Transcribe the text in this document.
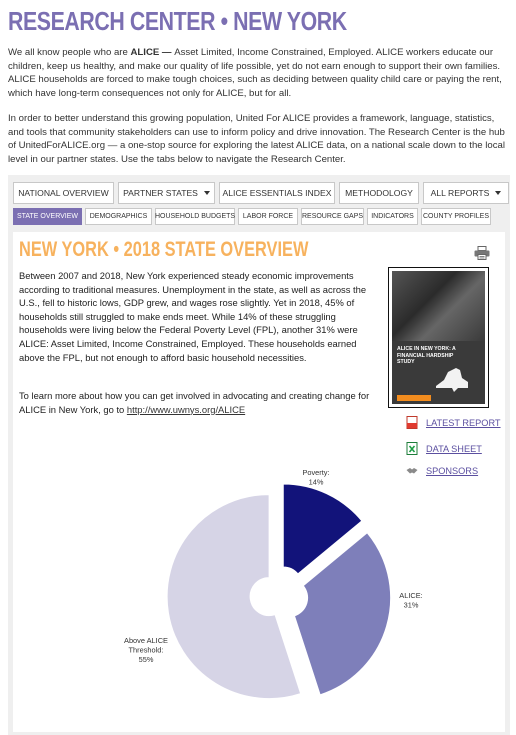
RESEARCH CENTER • NEW YORK

We all know people who are ALICE — Asset Limited, Income Constrained, Employed. ALICE workers educate our children, keep us healthy, and make our quality of life possible, yet do not earn enough to support their own families. ALICE households are forced to make tough choices, such as deciding between quality child care or paying the rent, which have long-term consequences not only for ALICE, but for all.

In order to better understand this growing population, United For ALICE provides a framework, language, statistics, and tools that community stakeholders can use to inform policy and drive innovation. The Research Center is the hub of UnitedForALICE.org — a one-stop source for exploring the latest ALICE data, on a national scale down to the local level in our partner states. Use the tabs below to navigate the Research Center.

NATIONAL OVERVIEW PARTNER STATES	ALICE ESSENTIALS INDEX METHODOLOGY ALL REPORTS
STATE OVERVIEW DEMOGRAPHICS HOUSEHOLD BUDGETS LABOR FORCE RESOURCE GAPS INDICATORS COUNTY PROFILES
NEW YORK • 2018 STATE OVERVIEW

Between 2007 and 2018, New York experienced steady economic improvements according to traditional measures. Unemployment in the state, as well as across the U.S., fell to historic lows, GDP grew, and wages rose slightly. Yet in 2018, 45% of households still struggled to make ends meet. While 14% of these struggling households were living below the Federal Poverty Level (FPL), another 31% were ALICE: Asset Limited, Income Constrained, Employed. These households earned above the FPL, but not enough to afford basic household necessities.

To learn more about how you can get involved in advocating and creating change for ALICE in New York, go to http://www.uwnys.org/ALICE

ALICE IN NEW YORK: A FINANCIAL HARDSHIP STUDY
LATEST REPORT
DATA SHEET
SPONSORS
Poverty: 14%
ALICE: 31%
Above ALICE Threshold: 55%
